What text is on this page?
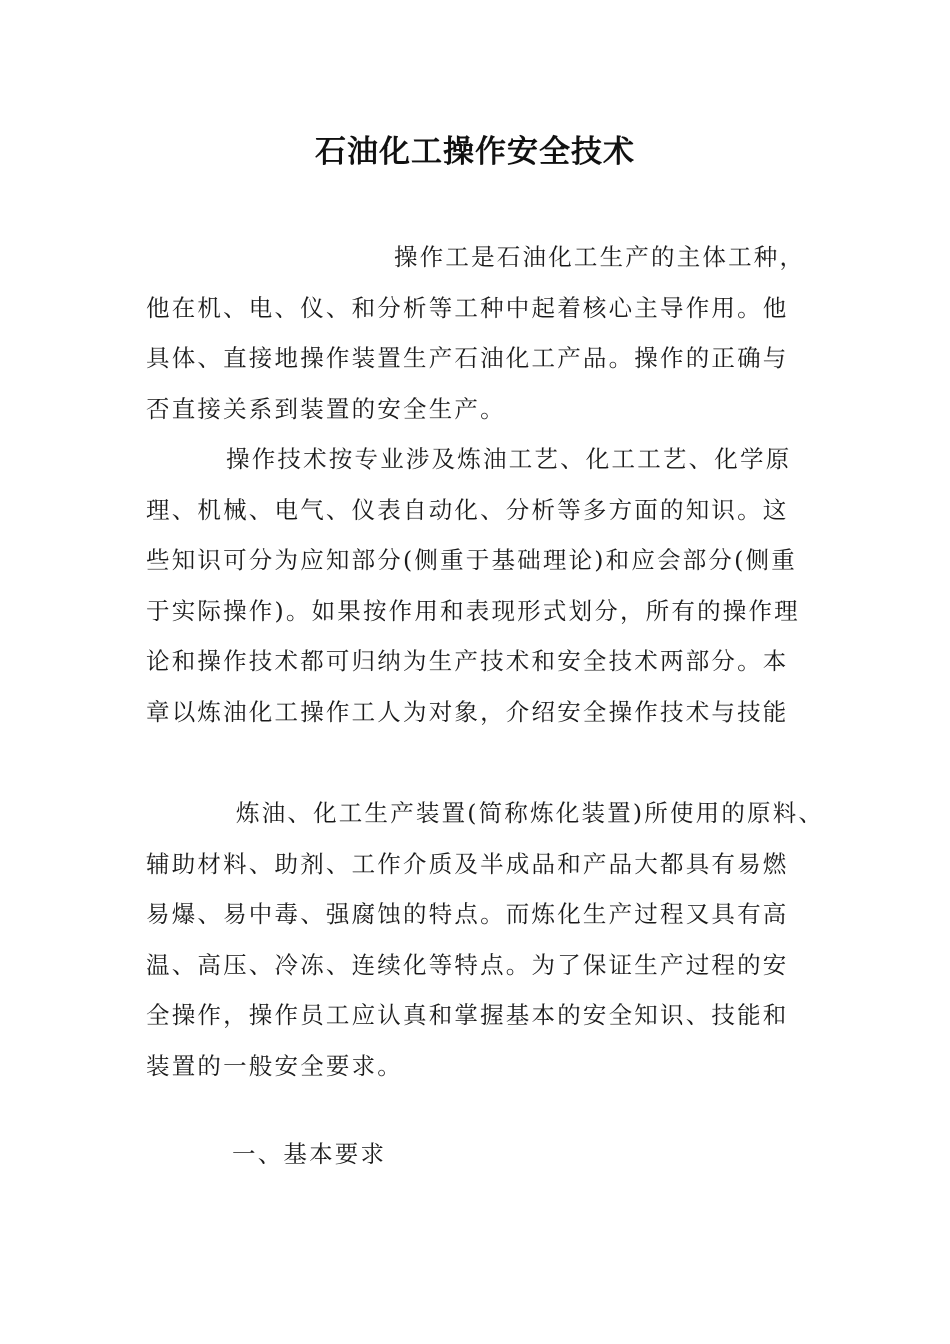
石油化工操作安全技术
操作工是石油化工生产的主体工种，
他在机、电、仪、和分析等工种中起着核心主导作用。他
具体、直接地操作装置生产石油化工产品。操作的正确与
否直接关系到装置的安全生产。
操作技术按专业涉及炼油工艺、化工工艺、化学原
理、机械、电气、仪表自动化、分析等多方面的知识。这
些知识可分为应知部分(侧重于基础理论)和应会部分(侧重
于实际操作)。如果按作用和表现形式划分，所有的操作理
论和操作技术都可归纳为生产技术和安全技术两部分。本
章以炼油化工操作工人为对象，介绍安全操作技术与技能
炼油、化工生产装置(简称炼化装置)所使用的原料、
辅助材料、助剂、工作介质及半成品和产品大都具有易燃
易爆、易中毒、强腐蚀的特点。而炼化生产过程又具有高
温、高压、冷冻、连续化等特点。为了保证生产过程的安
全操作，操作员工应认真和掌握基本的安全知识、技能和
装置的一般安全要求。
一、基本要求
